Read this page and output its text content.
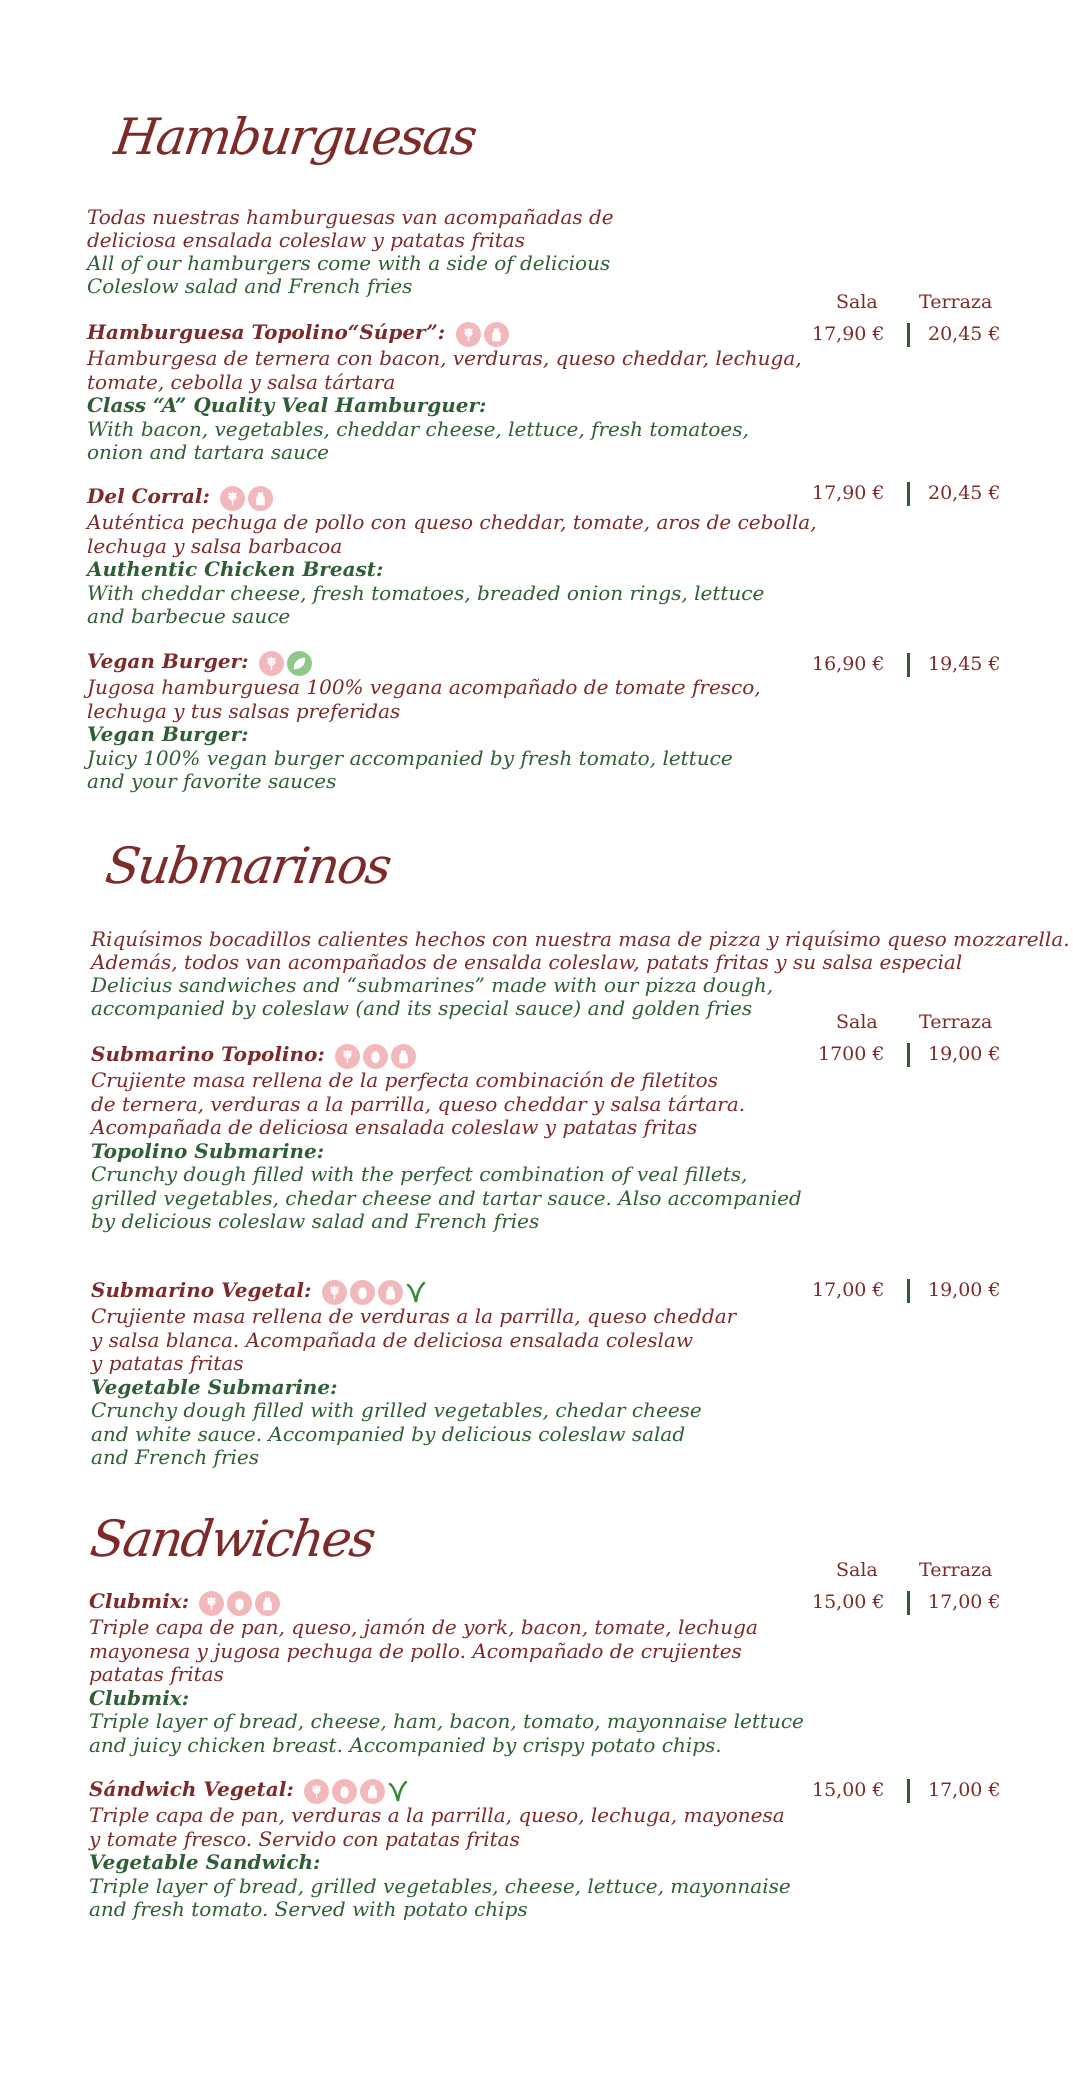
Hamburguesas
Todas nuestras hamburguesas van acompañadas de
deliciosa ensalada coleslaw y patatas fritas
All of our hamburgers come with a side of delicious
Coleslow salad and French fries
Sala Terraza
Hamburguesa Topolino“Súper”:
Hamburgesa de ternera con bacon, verduras, queso cheddar, lechuga,
tomate, cebolla y salsa tártara
Class “A” Quality Veal Hamburguer:
With bacon, vegetables, cheddar cheese, lettuce, fresh tomatoes,
onion and tartara sauce
17,90 € 20,45 €
Del Corral:
Auténtica pechuga de pollo con queso cheddar, tomate, aros de cebolla,
lechuga y salsa barbacoa
Authentic Chicken Breast:
With cheddar cheese, fresh tomatoes, breaded onion rings, lettuce
and barbecue sauce
17,90 € 20,45 €
Vegan Burger:
Jugosa hamburguesa 100% vegana acompañado de tomate fresco,
lechuga y tus salsas preferidas
Vegan Burger:
Juicy 100% vegan burger accompanied by fresh tomato, lettuce
and your favorite sauces
16,90 € 19,45 €
Submarinos
Riquísimos bocadillos calientes hechos con nuestra masa de pizza y riquísimo queso mozzarella.
Además, todos van acompañados de ensalda coleslaw, patats fritas y su salsa especial
Delicius sandwiches and “submarines” made with our pizza dough,
accompanied by coleslaw (and its special sauce) and golden fries
Sala Terraza
Submarino Topolino:
Crujiente masa rellena de la perfecta combinación de filetitos
de ternera, verduras a la parrilla, queso cheddar y salsa tártara.
Acompañada de deliciosa ensalada coleslaw y patatas fritas
Topolino Submarine:
Crunchy dough filled with the perfect combination of veal fillets,
grilled vegetables, chedar cheese and tartar sauce. Also accompanied
by delicious coleslaw salad and French fries
1700 € 19,00 €
Submarino Vegetal:
Crujiente masa rellena de verduras a la parrilla, queso cheddar
y salsa blanca. Acompañada de deliciosa ensalada coleslaw
y patatas fritas
Vegetable Submarine:
Crunchy dough filled with grilled vegetables, chedar cheese
and white sauce. Accompanied by delicious coleslaw salad
and French fries
17,00 € 19,00 €
Sandwiches
Sala Terraza
Clubmix:
Triple capa de pan, queso, jamón de york, bacon, tomate, lechuga
mayonesa y jugosa pechuga de pollo. Acompañado de crujientes
patatas fritas
Clubmix:
Triple layer of bread, cheese, ham, bacon, tomato, mayonnaise lettuce
and juicy chicken breast. Accompanied by crispy potato chips.
15,00 € 17,00 €
Sándwich Vegetal:
Triple capa de pan, verduras a la parrilla, queso, lechuga, mayonesa
y tomate fresco. Servido con patatas fritas
Vegetable Sandwich:
Triple layer of bread, grilled vegetables, cheese, lettuce, mayonnaise
and fresh tomato. Served with potato chips
15,00 € 17,00 €
